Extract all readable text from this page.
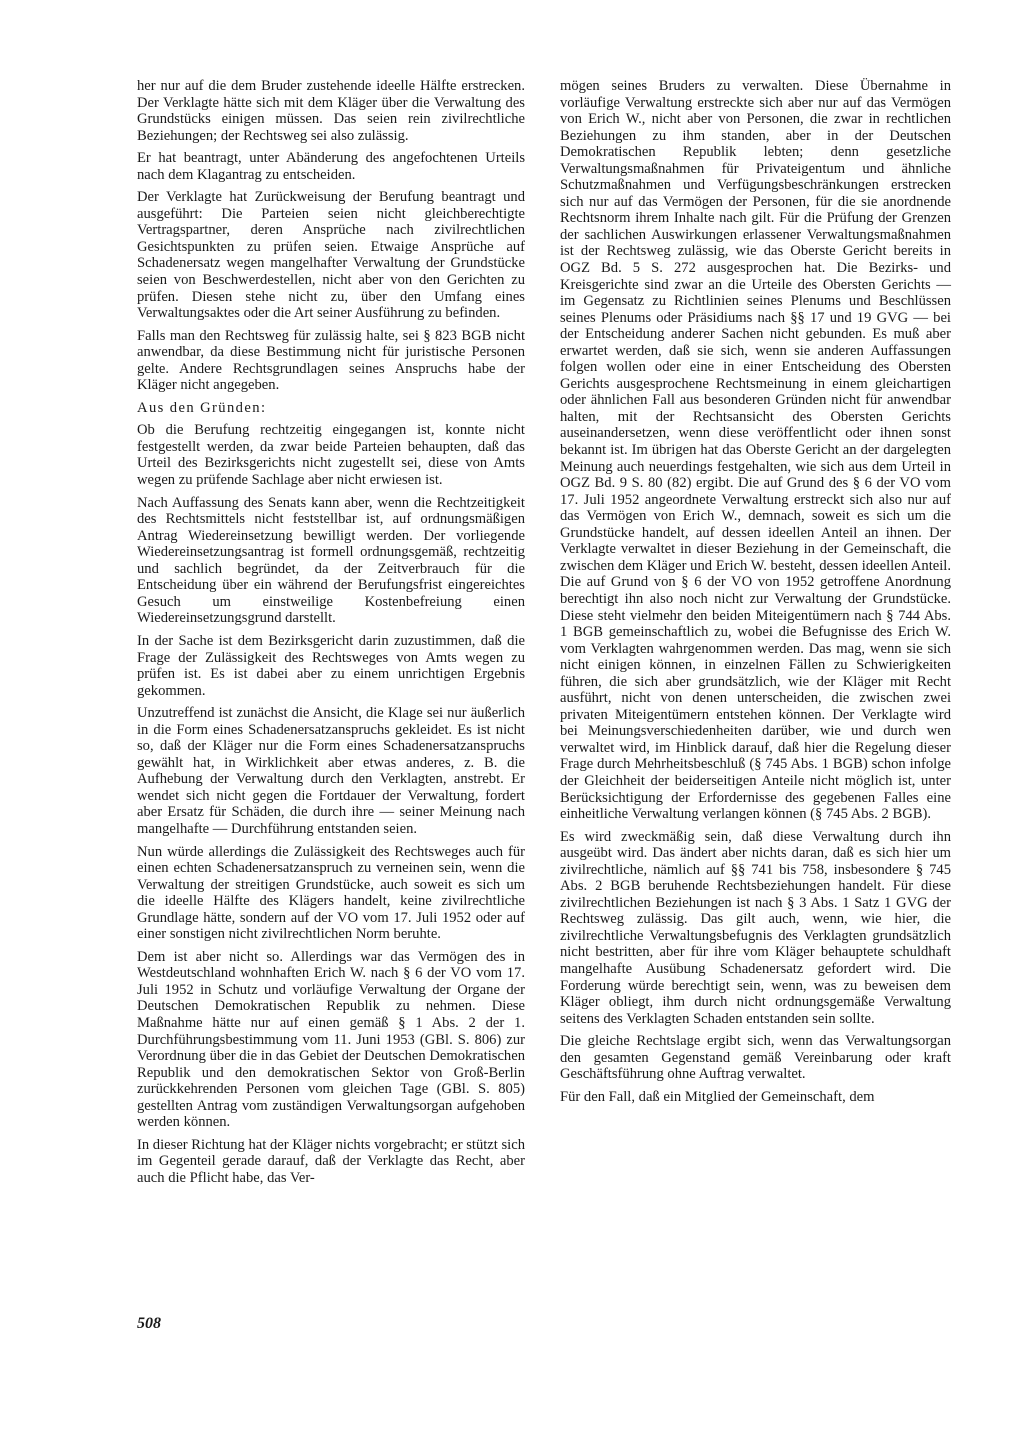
her nur auf die dem Bruder zustehende ideelle Hälfte erstrecken. Der Verklagte hätte sich mit dem Kläger über die Verwaltung des Grundstücks einigen müssen. Das seien rein zivilrechtliche Beziehungen; der Rechtsweg sei also zulässig.

Er hat beantragt, unter Abänderung des angefochtenen Urteils nach dem Klagantrag zu entscheiden.

Der Verklagte hat Zurückweisung der Berufung beantragt und ausgeführt: Die Parteien seien nicht gleichberechtigte Vertragspartner, deren Ansprüche nach zivilrechtlichen Gesichtspunkten zu prüfen seien. Etwaige Ansprüche auf Schadenersatz wegen mangelhafter Verwaltung der Grundstücke seien von Beschwerdestellen, nicht aber von den Gerichten zu prüfen. Diesen stehe nicht zu, über den Umfang eines Verwaltungsaktes oder die Art seiner Ausführung zu befinden.

Falls man den Rechtsweg für zulässig halte, sei § 823 BGB nicht anwendbar, da diese Bestimmung nicht für juristische Personen gelte. Andere Rechtsgrundlagen seines Anspruchs habe der Kläger nicht angegeben.

Aus den Gründen:

Ob die Berufung rechtzeitig eingegangen ist, konnte nicht festgestellt werden, da zwar beide Parteien behaupten, daß das Urteil des Bezirksgerichts nicht zugestellt sei, diese von Amts wegen zu prüfende Sachlage aber nicht erwiesen ist.

Nach Auffassung des Senats kann aber, wenn die Rechtzeitigkeit des Rechtsmittels nicht feststellbar ist, auf ordnungsmäßigen Antrag Wiedereinsetzung bewilligt werden. Der vorliegende Wiedereinsetzungsantrag ist formell ordnungsgemäß, rechtzeitig und sachlich begründet, da der Zeitverbrauch für die Entscheidung über ein während der Berufungsfrist eingereichtes Gesuch um einstweilige Kostenbefreiung einen Wiedereinsetzungsgrund darstellt.

In der Sache ist dem Bezirksgericht darin zuzustimmen, daß die Frage der Zulässigkeit des Rechtsweges von Amts wegen zu prüfen ist. Es ist dabei aber zu einem unrichtigen Ergebnis gekommen.

Unzutreffend ist zunächst die Ansicht, die Klage sei nur äußerlich in die Form eines Schadenersatzanspruchs gekleidet. Es ist nicht so, daß der Kläger nur die Form eines Schadenersatzanspruchs gewählt hat, in Wirklichkeit aber etwas anderes, z. B. die Aufhebung der Verwaltung durch den Verklagten, anstrebt. Er wendet sich nicht gegen die Fortdauer der Verwaltung, fordert aber Ersatz für Schäden, die durch ihre — seiner Meinung nach mangelhafte — Durchführung entstanden seien.

Nun würde allerdings die Zulässigkeit des Rechtsweges auch für einen echten Schadenersatzanspruch zu verneinen sein, wenn die Verwaltung der streitigen Grundstücke, auch soweit es sich um die ideelle Hälfte des Klägers handelt, keine zivilrechtliche Grundlage hätte, sondern auf der VO vom 17. Juli 1952 oder auf einer sonstigen nicht zivilrechtlichen Norm beruhte.

Dem ist aber nicht so. Allerdings war das Vermögen des in Westdeutschland wohnhaften Erich W. nach § 6 der VO vom 17. Juli 1952 in Schutz und vorläufige Verwaltung der Organe der Deutschen Demokratischen Republik zu nehmen. Diese Maßnahme hätte nur auf einen gemäß § 1 Abs. 2 der 1. Durchführungsbestimmung vom 11. Juni 1953 (GBl. S. 806) zur Verordnung über die in das Gebiet der Deutschen Demokratischen Republik und den demokratischen Sektor von Groß-Berlin zurückkehrenden Personen vom gleichen Tage (GBl. S. 805) gestellten Antrag vom zuständigen Verwaltungsorgan aufgehoben werden können.

In dieser Richtung hat der Kläger nichts vorgebracht; er stützt sich im Gegenteil gerade darauf, daß der Verklagte das Recht, aber auch die Pflicht habe, das Ver-

mögen seines Bruders zu verwalten. Diese Übernahme in vorläufige Verwaltung erstreckte sich aber nur auf das Vermögen von Erich W., nicht aber von Personen, die zwar in rechtlichen Beziehungen zu ihm standen, aber in der Deutschen Demokratischen Republik lebten; denn gesetzliche Verwaltungsmaßnahmen für Privateigentum und ähnliche Schutzmaßnahmen und Verfügungsbeschränkungen erstrecken sich nur auf das Vermögen der Personen, für die sie anordnende Rechtsnorm ihrem Inhalte nach gilt. Für die Prüfung der Grenzen der sachlichen Auswirkungen erlassener Verwaltungsmaßnahmen ist der Rechtsweg zulässig, wie das Oberste Gericht bereits in OGZ Bd. 5 S. 272 ausgesprochen hat. Die Bezirks- und Kreisgerichte sind zwar an die Urteile des Obersten Gerichts — im Gegensatz zu Richtlinien seines Plenums und Beschlüssen seines Plenums oder Präsidiums nach §§ 17 und 19 GVG — bei der Entscheidung anderer Sachen nicht gebunden. Es muß aber erwartet werden, daß sie sich, wenn sie anderen Auffassungen folgen wollen oder eine in einer Entscheidung des Obersten Gerichts ausgesprochene Rechtsmeinung in einem gleichartigen oder ähnlichen Fall aus besonderen Gründen nicht für anwendbar halten, mit der Rechtsansicht des Obersten Gerichts auseinandersetzen, wenn diese veröffentlicht oder ihnen sonst bekannt ist. Im übrigen hat das Oberste Gericht an der dargelegten Meinung auch neuerdings festgehalten, wie sich aus dem Urteil in OGZ Bd. 9 S. 80 (82) ergibt. Die auf Grund des § 6 der VO vom 17. Juli 1952 angeordnete Verwaltung erstreckt sich also nur auf das Vermögen von Erich W., demnach, soweit es sich um die Grundstücke handelt, auf dessen ideellen Anteil an ihnen. Der Verklagte verwaltet in dieser Beziehung in der Gemeinschaft, die zwischen dem Kläger und Erich W. besteht, dessen ideellen Anteil. Die auf Grund von § 6 der VO von 1952 getroffene Anordnung berechtigt ihn also noch nicht zur Verwaltung der Grundstücke. Diese steht vielmehr den beiden Miteigentümern nach § 744 Abs. 1 BGB gemeinschaftlich zu, wobei die Befugnisse des Erich W. vom Verklagten wahrgenommen werden. Das mag, wenn sie sich nicht einigen können, in einzelnen Fällen zu Schwierigkeiten führen, die sich aber grundsätzlich, wie der Kläger mit Recht ausführt, nicht von denen unterscheiden, die zwischen zwei privaten Miteigentümern entstehen können. Der Verklagte wird bei Meinungsverschiedenheiten darüber, wie und durch wen verwaltet wird, im Hinblick darauf, daß hier die Regelung dieser Frage durch Mehrheitsbeschluß (§ 745 Abs. 1 BGB) schon infolge der Gleichheit der beiderseitigen Anteile nicht möglich ist, unter Berücksichtigung der Erfordernisse des gegebenen Falles eine einheitliche Verwaltung verlangen können (§ 745 Abs. 2 BGB).

Es wird zweckmäßig sein, daß diese Verwaltung durch ihn ausgeübt wird. Das ändert aber nichts daran, daß es sich hier um zivilrechtliche, nämlich auf §§ 741 bis 758, insbesondere § 745 Abs. 2 BGB beruhende Rechtsbeziehungen handelt. Für diese zivilrechtlichen Beziehungen ist nach § 3 Abs. 1 Satz 1 GVG der Rechtsweg zulässig. Das gilt auch, wenn, wie hier, die zivilrechtliche Verwaltungsbefugnis des Verklagten grundsätzlich nicht bestritten, aber für ihre vom Kläger behauptete schuldhaft mangelhafte Ausübung Schadenersatz gefordert wird. Die Forderung würde berechtigt sein, wenn, was zu beweisen dem Kläger obliegt, ihm durch nicht ordnungsgemäße Verwaltung seitens des Verklagten Schaden entstanden sein sollte.

Die gleiche Rechtslage ergibt sich, wenn das Verwaltungsorgan den gesamten Gegenstand gemäß Vereinbarung oder kraft Geschäftsführung ohne Auftrag verwaltet.

Für den Fall, daß ein Mitglied der Gemeinschaft, dem

508
